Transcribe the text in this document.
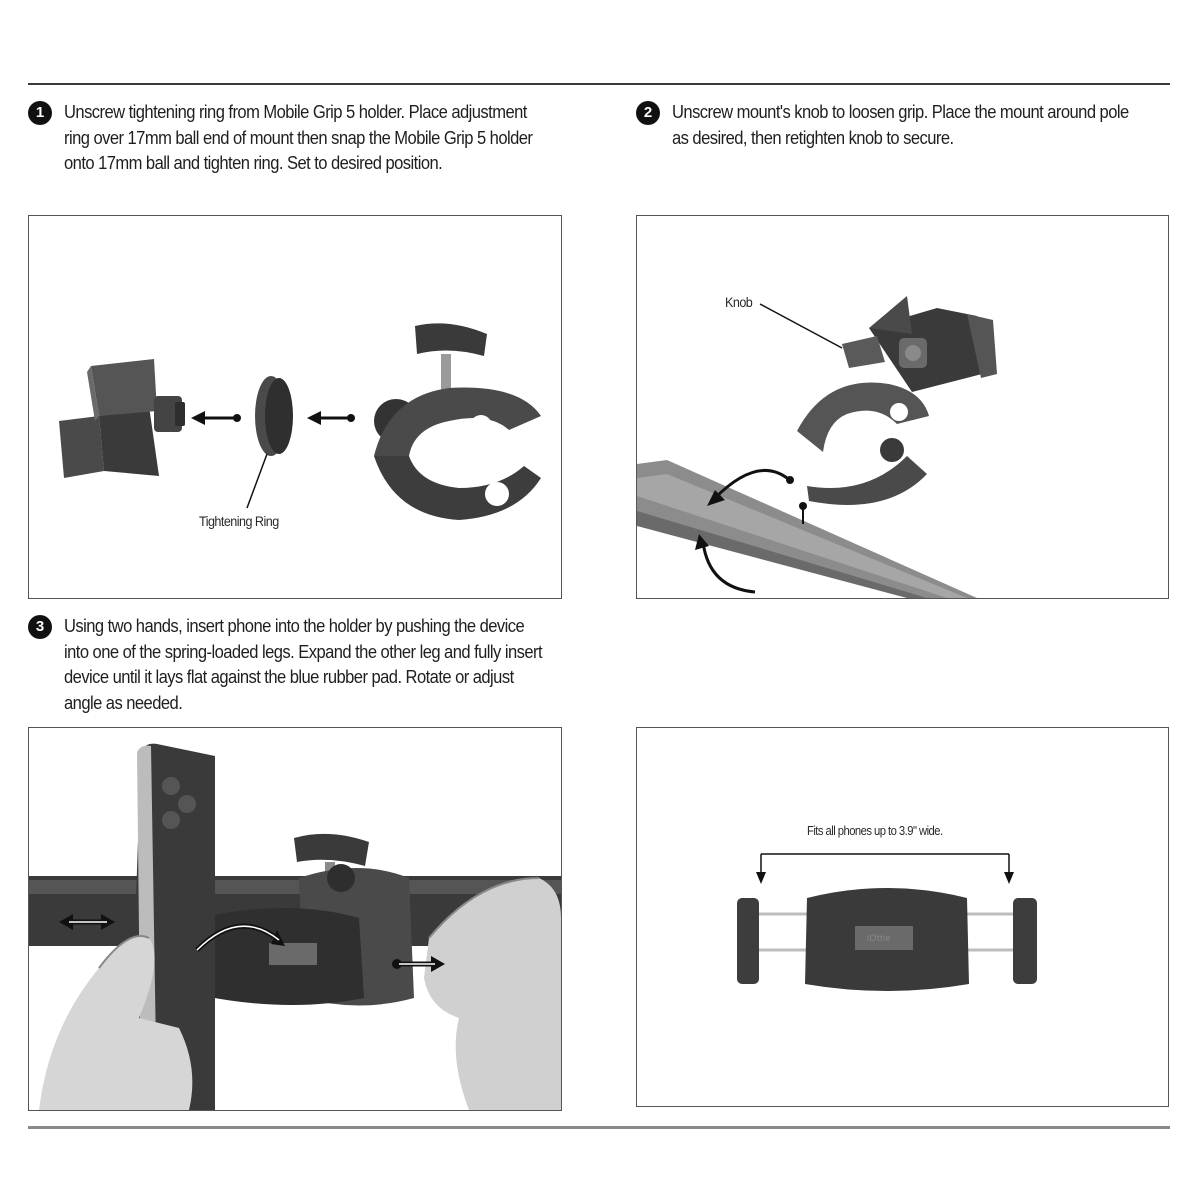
1	Unscrew tightening ring from Mobile Grip 5 holder. Place adjustment ring over 17mm ball end of mount then snap the Mobile Grip 5 holder onto 17mm ball and tighten ring. Set to desired position.
2	Unscrew mount's knob to loosen grip. Place the mount around pole as desired, then retighten knob to secure.
Tightening Ring
Knob
3	Using two hands, insert phone into the holder by pushing the device into one of the spring-loaded legs. Expand the other leg and fully insert device until it lays flat against the blue rubber pad. Rotate or adjust angle as needed.
Fits all phones up to 3.9" wide.
iOttie
